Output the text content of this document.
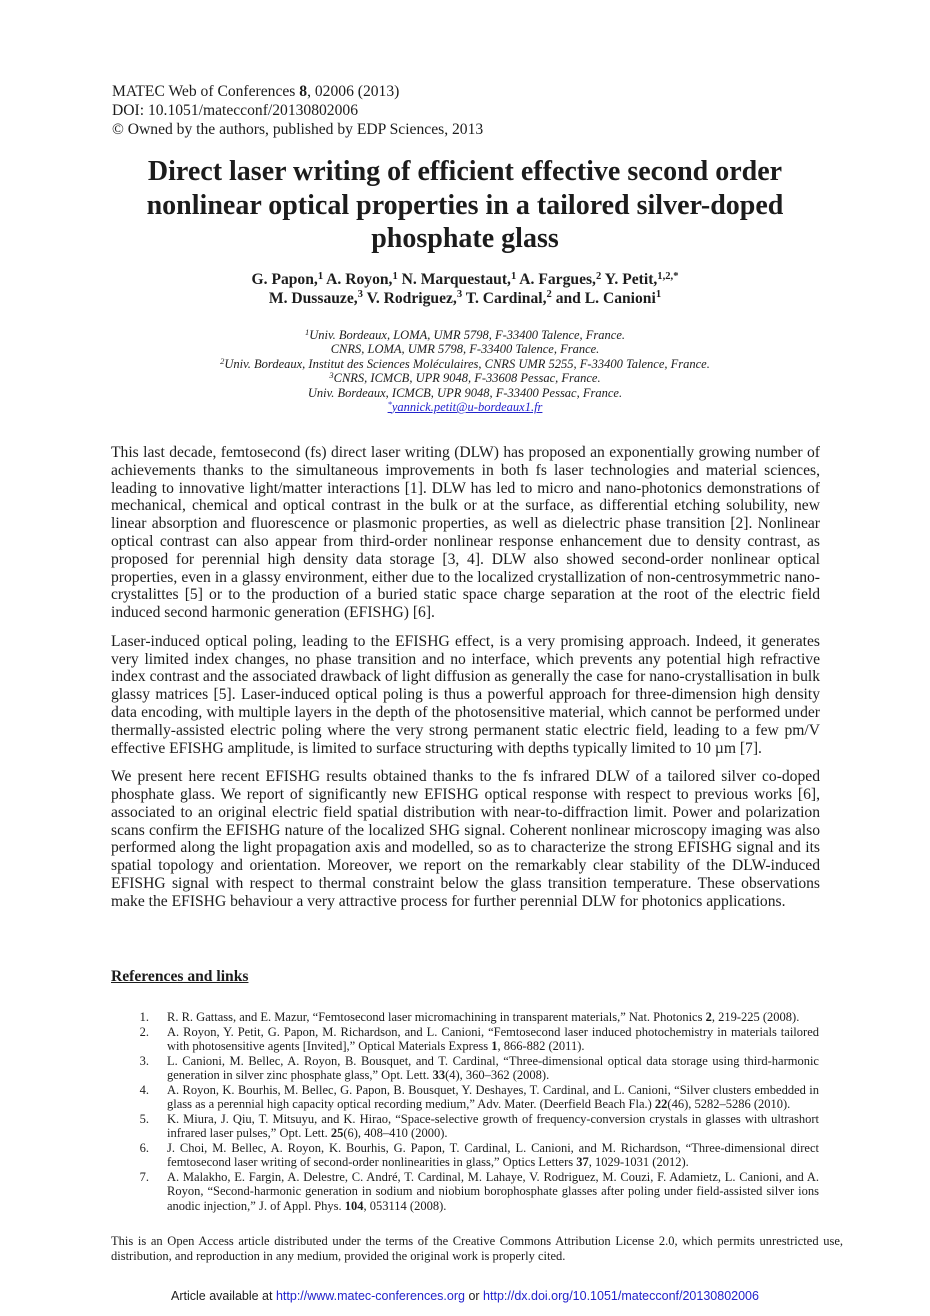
MATEC Web of Conferences 8, 02006 (2013)
DOI: 10.1051/matecconf/20130802006
© Owned by the authors, published by EDP Sciences, 2013
Direct laser writing of efficient effective second order nonlinear optical properties in a tailored silver-doped phosphate glass
G. Papon,$^1$ A. Royon,$^1$ N. Marquestaut,$^1$ A. Fargues,$^2$ Y. Petit,$^{1,2,*}$
M. Dussauze,$^3$ V. Rodriguez,$^3$ T. Cardinal,$^2$ and L. Canioni$^1$
$^1$Univ. Bordeaux, LOMA, UMR 5798, F-33400 Talence, France.
CNRS, LOMA, UMR 5798, F-33400 Talence, France.
$^2$Univ. Bordeaux, Institut des Sciences Moléculaires, CNRS UMR 5255, F-33400 Talence, France.
$^3$CNRS, ICMCB, UPR 9048, F-33608 Pessac, France.
Univ. Bordeaux, ICMCB, UPR 9048, F-33400 Pessac, France.
*yannick.petit@u-bordeaux1.fr

This last decade, femtosecond (fs) direct laser writing (DLW) has proposed an exponentially growing number of achievements thanks to the simultaneous improvements in both fs laser technologies and material sciences, leading to innovative light/matter interactions [1]. DLW has led to micro and nano-photonics demonstrations of mechanical, chemical and optical contrast in the bulk or at the surface, as differential etching solubility, new linear absorption and fluorescence or plasmonic properties, as well as dielectric phase transition [2]. Nonlinear optical contrast can also appear from third-order nonlinear response enhancement due to density contrast, as proposed for perennial high density data storage [3, 4]. DLW also showed second-order nonlinear optical properties, even in a glassy environment, either due to the localized crystallization of non-centrosymmetric nano-crystalittes [5] or to the production of a buried static space charge separation at the root of the electric field induced second harmonic generation (EFISHG) [6].

Laser-induced optical poling, leading to the EFISHG effect, is a very promising approach. Indeed, it generates very limited index changes, no phase transition and no interface, which prevents any potential high refractive index contrast and the associated drawback of light diffusion as generally the case for nano-crystallisation in bulk glassy matrices [5]. Laser-induced optical poling is thus a powerful approach for three-dimension high density data encoding, with multiple layers in the depth of the photosensitive material, which cannot be performed under thermally-assisted electric poling where the very strong permanent static electric field, leading to a few pm/V effective EFISHG amplitude, is limited to surface structuring with depths typically limited to 10 µm [7].

We present here recent EFISHG results obtained thanks to the fs infrared DLW of a tailored silver co-doped phosphate glass. We report of significantly new EFISHG optical response with respect to previous works [6], associated to an original electric field spatial distribution with near-to-diffraction limit. Power and polarization scans confirm the EFISHG nature of the localized SHG signal. Coherent nonlinear microscopy imaging was also performed along the light propagation axis and modelled, so as to characterize the strong EFISHG signal and its spatial topology and orientation. Moreover, we report on the remarkably clear stability of the DLW-induced EFISHG signal with respect to thermal constraint below the glass transition temperature. These observations make the EFISHG behaviour a very attractive process for further perennial DLW for photonics applications.

References and links
1. R. R. Gattass, and E. Mazur, “Femtosecond laser micromachining in transparent materials,” Nat. Photonics 2, 219-225 (2008).
2. A. Royon, Y. Petit, G. Papon, M. Richardson, and L. Canioni, “Femtosecond laser induced photochemistry in materials tailored with photosensitive agents [Invited],” Optical Materials Express 1, 866-882 (2011).
3. L. Canioni, M. Bellec, A. Royon, B. Bousquet, and T. Cardinal, “Three-dimensional optical data storage using third-harmonic generation in silver zinc phosphate glass,” Opt. Lett. 33(4), 360–362 (2008).
4. A. Royon, K. Bourhis, M. Bellec, G. Papon, B. Bousquet, Y. Deshayes, T. Cardinal, and L. Canioni, “Silver clusters embedded in glass as a perennial high capacity optical recording medium,” Adv. Mater. (Deerfield Beach Fla.) 22(46), 5282–5286 (2010).
5. K. Miura, J. Qiu, T. Mitsuyu, and K. Hirao, “Space-selective growth of frequency-conversion crystals in glasses with ultrashort infrared laser pulses,” Opt. Lett. 25(6), 408–410 (2000).
6. J. Choi, M. Bellec, A. Royon, K. Bourhis, G. Papon, T. Cardinal, L. Canioni, and M. Richardson, “Three-dimensional direct femtosecond laser writing of second-order nonlinearities in glass,” Optics Letters 37, 1029-1031 (2012).
7. A. Malakho, E. Fargin, A. Delestre, C. André, T. Cardinal, M. Lahaye, V. Rodriguez, M. Couzi, F. Adamietz, L. Canioni, and A. Royon, “Second-harmonic generation in sodium and niobium borophosphate glasses after poling under field-assisted silver ions anodic injection,” J. of Appl. Phys. 104, 053114 (2008).

This is an Open Access article distributed under the terms of the Creative Commons Attribution License 2.0, which permits unrestricted use, distribution, and reproduction in any medium, provided the original work is properly cited.

Article available at http://www.matec-conferences.org or http://dx.doi.org/10.1051/matecconf/20130802006
